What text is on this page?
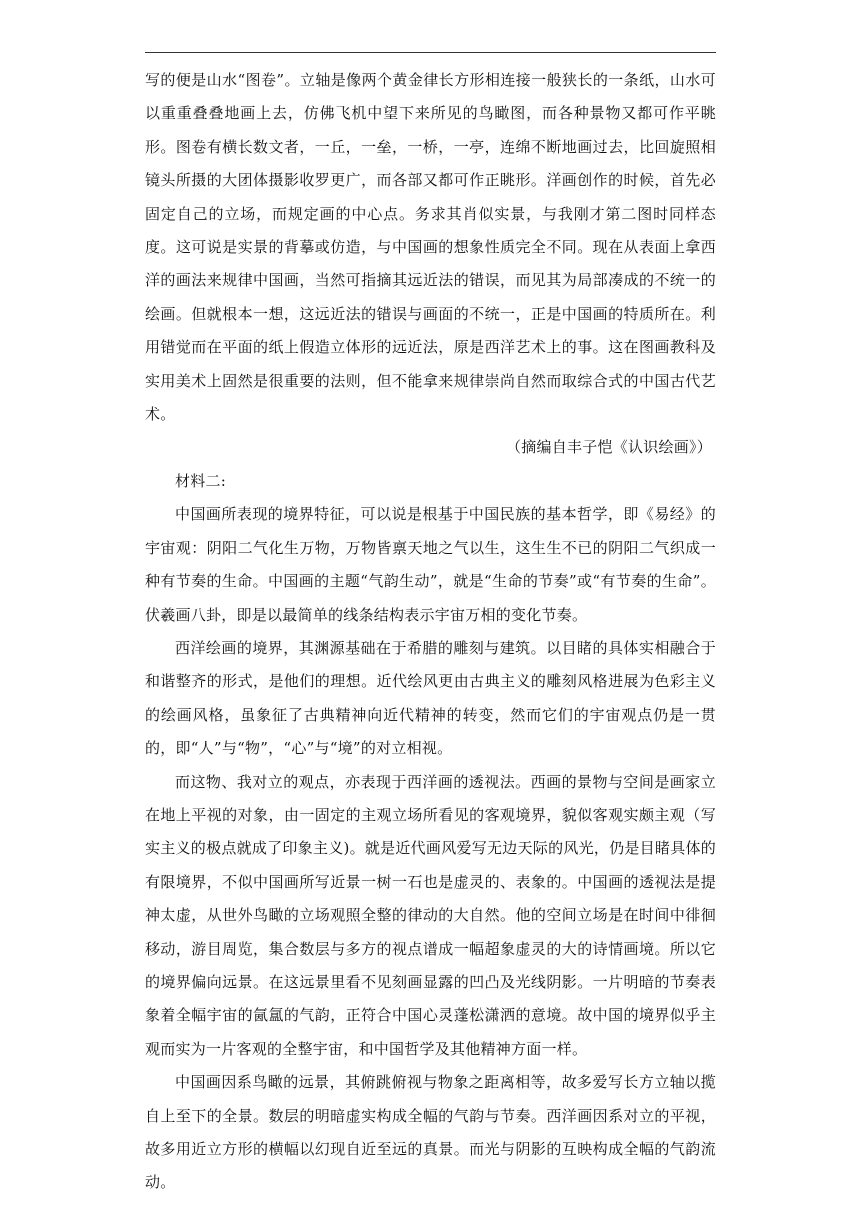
写的便是山水“图卷”。立轴是像两个黄金律长方形相连接一般狭长的一条纸，山水可以重重叠叠地画上去，仿佛飞机中望下来所见的鸟瞰图，而各种景物又都可作平眺形。图卷有横长数文者，一丘，一垒，一桥，一亭，连绵不断地画过去，比回旋照相镜头所摄的大团体摄影收罗更广，而各部又都可作正眺形。洋画创作的时候，首先必固定自己的立场，而规定画的中心点。务求其肖似实景，与我刚才第二图时同样态度。这可说是实景的背摹或仿造，与中国画的想象性质完全不同。现在从表面上拿西洋的画法来规律中国画，当然可指摘其远近法的错误，而见其为局部凑成的不统一的绘画。但就根本一想，这远近法的错误与画面的不统一，正是中国画的特质所在。利用错觉而在平面的纸上假造立体形的远近法，原是西洋艺术上的事。这在图画教科及实用美术上固然是很重要的法则，但不能拿来规律崇尚自然而取综合式的中国古代艺术。

（摘编自丰子恺《认识绘画》）

材料二:

中国画所表现的境界特征，可以说是根基于中国民族的基本哲学，即《易经》的宇宙观：阴阳二气化生万物，万物皆禀天地之气以生，这生生不已的阴阳二气织成一种有节奏的生命。中国画的主题“气韵生动”，就是“生命的节奏”或“有节奏的生命”。伏羲画八卦，即是以最简单的线条结构表示宇宙万相的变化节奏。

西洋绘画的境界，其渊源基础在于希腊的雕刻与建筑。以目睹的具体实相融合于和谐整齐的形式，是他们的理想。近代绘风更由古典主义的雕刻风格进展为色彩主义的绘画风格，虽象征了古典精神向近代精神的转变，然而它们的宇宙观点仍是一贯的，即“人”与“物”，“心”与“境”的对立相视。

而这物、我对立的观点，亦表现于西洋画的透视法。西画的景物与空间是画家立在地上平视的对象，由一固定的主观立场所看见的客观境界，貌似客观实颇主观（写实主义的极点就成了印象主义)。就是近代画风爱写无边天际的风光，仍是目睹具体的有限境界，不似中国画所写近景一树一石也是虚灵的、表象的。中国画的透视法是提神太虚，从世外鸟瞰的立场观照全整的律动的大自然。他的空间立场是在时间中徘徊移动，游目周览，集合数层与多方的视点谱成一幅超象虚灵的大的诗情画境。所以它的境界偏向远景。在这远景里看不见刻画显露的凹凸及光线阴影。一片明暗的节奏表象着全幅宇宙的氤氲的气韵，正符合中国心灵蓬松潇洒的意境。故中国的境界似乎主观而实为一片客观的全整宇宙，和中国哲学及其他精神方面一样。

中国画因系鸟瞰的远景，其俯跳俯视与物象之距离相等，故多爱写长方立轴以揽自上至下的全景。数层的明暗虚实构成全幅的气韵与节奏。西洋画因系对立的平视，故多用近立方形的横幅以幻现自近至远的真景。而光与阴影的互映构成全幅的气韵流动。
